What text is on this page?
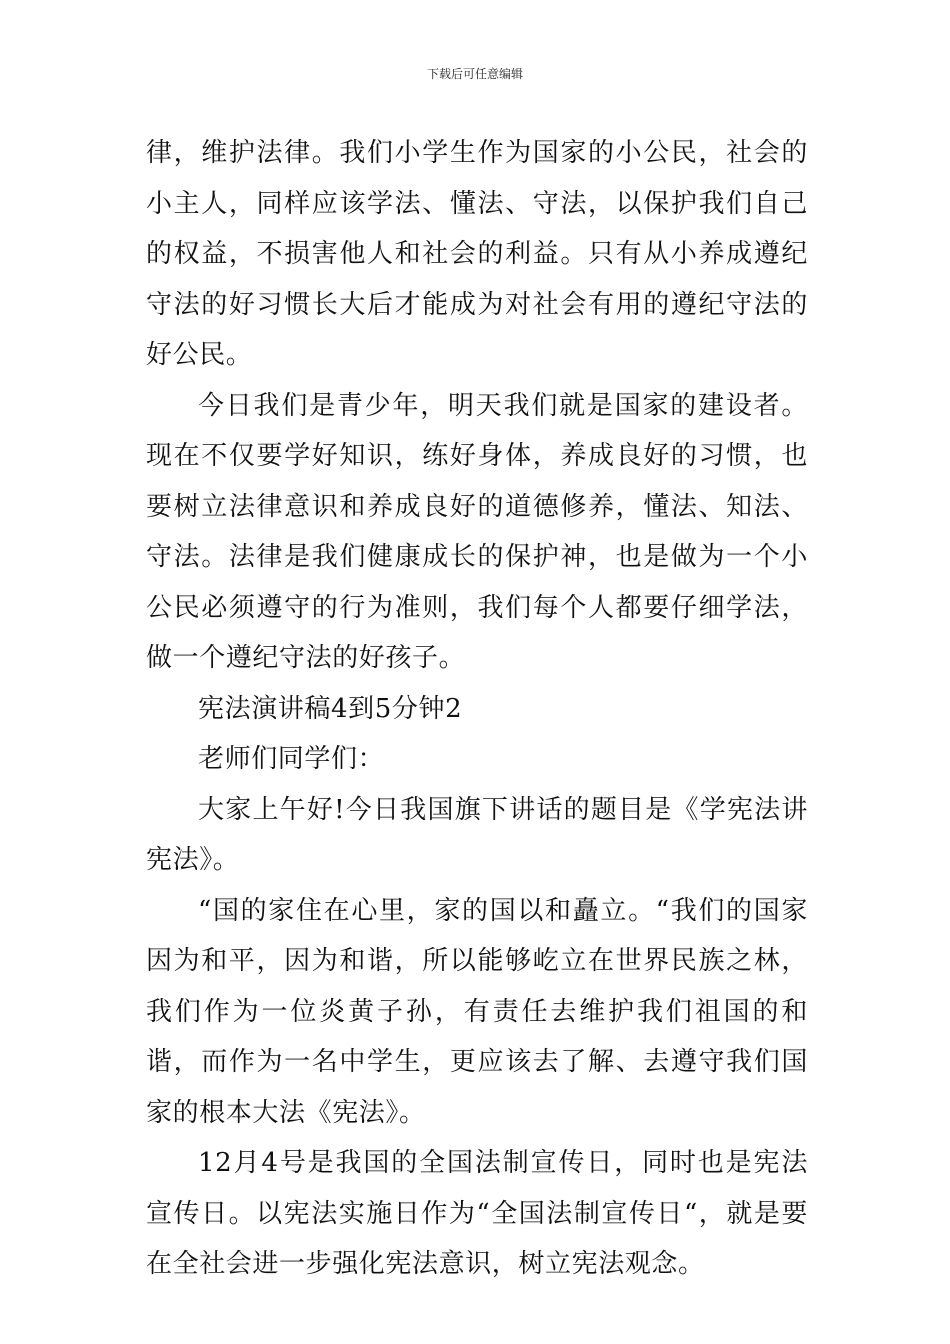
下载后可任意编辑

律，维护法律。我们小学生作为国家的小公民，社会的小主人，同样应该学法、懂法、守法，以保护我们自己的权益，不损害他人和社会的利益。只有从小养成遵纪守法的好习惯长大后才能成为对社会有用的遵纪守法的好公民。

今日我们是青少年，明天我们就是国家的建设者。现在不仅要学好知识，练好身体，养成良好的习惯，也要树立法律意识和养成良好的道德修养，懂法、知法、守法。法律是我们健康成长的保护神，也是做为一个小公民必须遵守的行为准则，我们每个人都要仔细学法，做一个遵纪守法的好孩子。

宪法演讲稿4到5分钟2

老师们同学们：

大家上午好!今日我国旗下讲话的题目是《学宪法讲宪法》。

“国的家住在心里，家的国以和矗立。“我们的国家因为和平，因为和谐，所以能够屹立在世界民族之林，我们作为一位炎黄子孙，有责任去维护我们祖国的和谐，而作为一名中学生，更应该去了解、去遵守我们国家的根本大法《宪法》。

12月4号是我国的全国法制宣传日，同时也是宪法宣传日。以宪法实施日作为“全国法制宣传日“，就是要在全社会进一步强化宪法意识，树立宪法观念。
